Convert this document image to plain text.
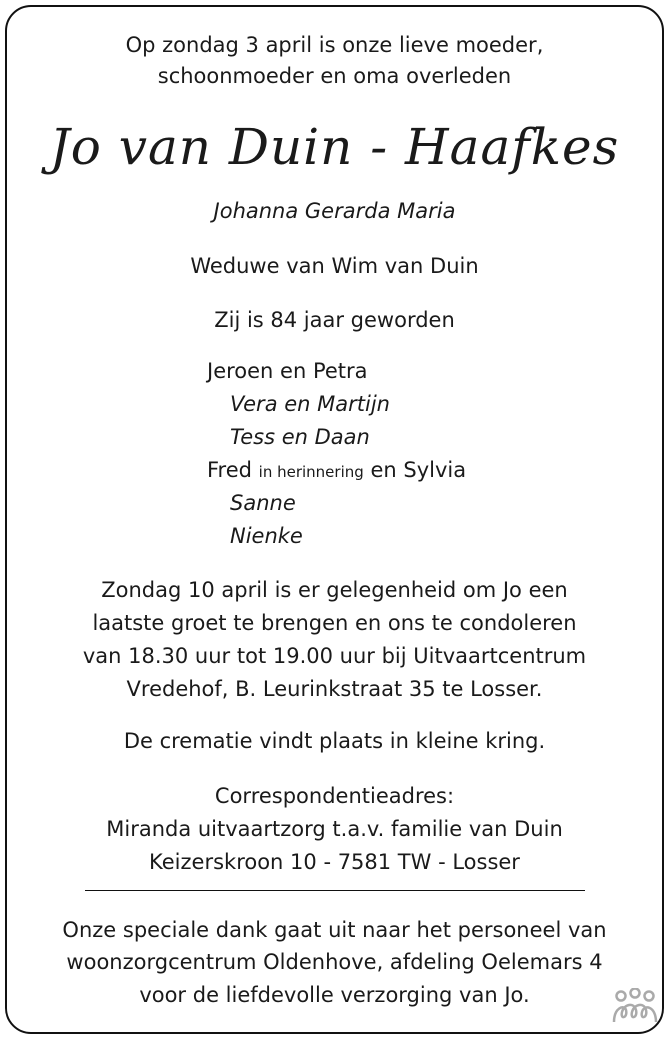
Op zondag 3 april is onze lieve moeder,
schoonmoeder en oma overleden
Jo van Duin - Haafkes
Johanna Gerarda Maria
Weduwe van Wim van Duin
Zij is 84 jaar geworden
Jeroen en Petra
Vera en Martijn
Tess en Daan
Fred in herinnering en Sylvia
Sanne
Nienke
Zondag 10 april is er gelegenheid om Jo een
laatste groet te brengen en ons te condoleren
van 18.30 uur tot 19.00 uur bij Uitvaartcentrum
Vredehof, B. Leurinkstraat 35 te Losser.
De crematie vindt plaats in kleine kring.
Correspondentieadres:
Miranda uitvaartzorg t.a.v. familie van Duin
Keizerskroon 10 - 7581 TW - Losser
Onze speciale dank gaat uit naar het personeel van
woonzorgcentrum Oldenhove, afdeling Oelemars 4
voor de liefdevolle verzorging van Jo.
